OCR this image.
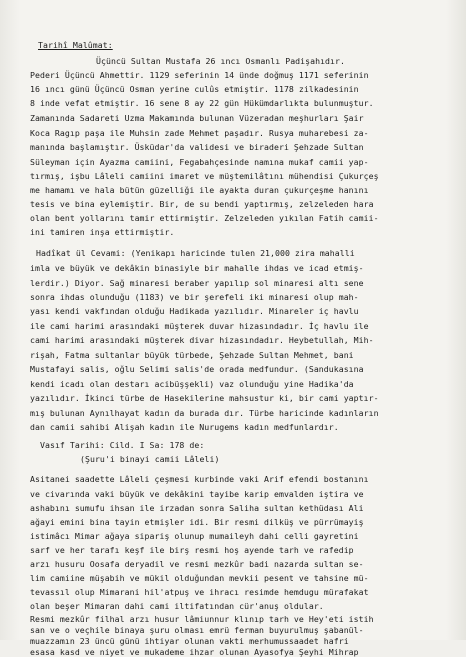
Tarihî Malûmat:
Üçüncü Sultan Mustafa 26 ıncı Osmanlı Padişahıdır.
Pederi Üçüncü Ahmettir. 1129 seferinin 14 ünde doğmuş 1171 seferinin
16 ıncı günü Üçüncü Osman yerine culûs etmiştir. 1178 zilkadesinin
8 inde vefat etmiştir. 16 sene 8 ay 22 gün Hükümdarlıkta bulunmuştur.
Zamanında Sadareti Uzma Makamında bulunan Vüzeradan meşhurları Şair
Koca Ragıp paşa ile Muhsin zade Mehmet paşadır. Rusya muharebesi za-
manında başlamıştır. Üsküdar'da validesi ve biraderi Şehzade Sultan
Süleyman için Ayazma camiini, Fegabahçesinde namına mukaf camii yap-
tırmış, işbu Lâleli camiini imaret ve müştemilâtını mühendisi Çukurçeş
me hamamı ve hala bütün güzelliği ile ayakta duran çukurçeşme hanını
tesis ve bina eylemiştir. Bir, de su bendi yaptırmış, zelzeleden hara
olan bent yollarını tamir ettirmiştir. Zelzeleden yıkılan Fatih camii-
ini tamiren inşa ettirmiştir.
Hadîkat ül Cevami: (Yenikapı haricinde tulen 21,000 zira mahalli
imla ve büyük ve dekâkin binasiyle bir mahalle ihdas ve icad etmiş-
lerdir.) Diyor. Sağ minaresi beraber yapılıp sol minaresi altı sene
sonra ihdas olunduğu (1183) ve bir şerefeli iki minaresi olup mah-
yası kendi vakfından olduğu Hadikada yazılıdır. Minareler iç havlu
ile cami harimi arasındaki müşterek duvar hizasındadır. İç havlu ile
cami harimi arasındaki müşterek divar hizasındadır. Heybetullah, Mih-
rişah, Fatma sultanlar büyük türbede, Şehzade Sultan Mehmet, bani
Mustafayi salis, oğlu Selimi salis'de orada medfundur. (Sandukasına
kendi icadı olan destarı acibüşşekli) vaz olunduğu yine Hadika'da
yazılıdır. İkinci türbe de Hasekilerine mahsustur ki, bir cami yaptır-
mış bulunan Aynılhayat kadın da burada dır. Türbe haricinde kadınların
dan camii sahibi Alişah kadın ile Nurugems kadın medfunlardır.
Vasıf Tarihi: Cild. I Sa: 178 de:
(Şuru'i binayi camii Lâleli)
Asitanei saadette Lâleli çeşmesi kurbinde vaki Arif efendi bostanını
ve civarında vaki büyük ve dekâkini tayibe karip emvalden iştira ve
ashabını sumufu ihsan ile irzadan sonra Saliha sultan kethüdası Ali
ağayi emini bina tayin etmişler idi. Bir resmi dilküş ve pürrümayiş
istimâcı Mimar ağaya sipariş olunup mumaileyh dahi celli gayretini
sarf ve her tarafı keşf ile birş resmi hoş ayende tarh ve rafedip
arzı husuru Oosafa deryadil ve resmi mezkûr badi nazarda sultan se-
lim camiine müşabih ve mükil olduğundan mevkii pesent ve tahsine mü-
tevassıl olup Mimarani hil'atpuş ve ihracı resimde hemdugu mürafakat
olan beşer Mimaran dahi cami iltifatından cür'anuş oldular.
Resmi mezkûr filhal arzı husur lâmiunnur klınıp tarh ve Hey'eti istih
san ve o veçhile binaya şuru olması emrü ferman buyurulmuş şabanül-
muazzamın 23 üncü günü ihtiyar olunan vakti merhumussaadet hafri
esasa kasd ve niyet ve mukademe ihzar olunan Ayasofya Şeyhi Mihrap
